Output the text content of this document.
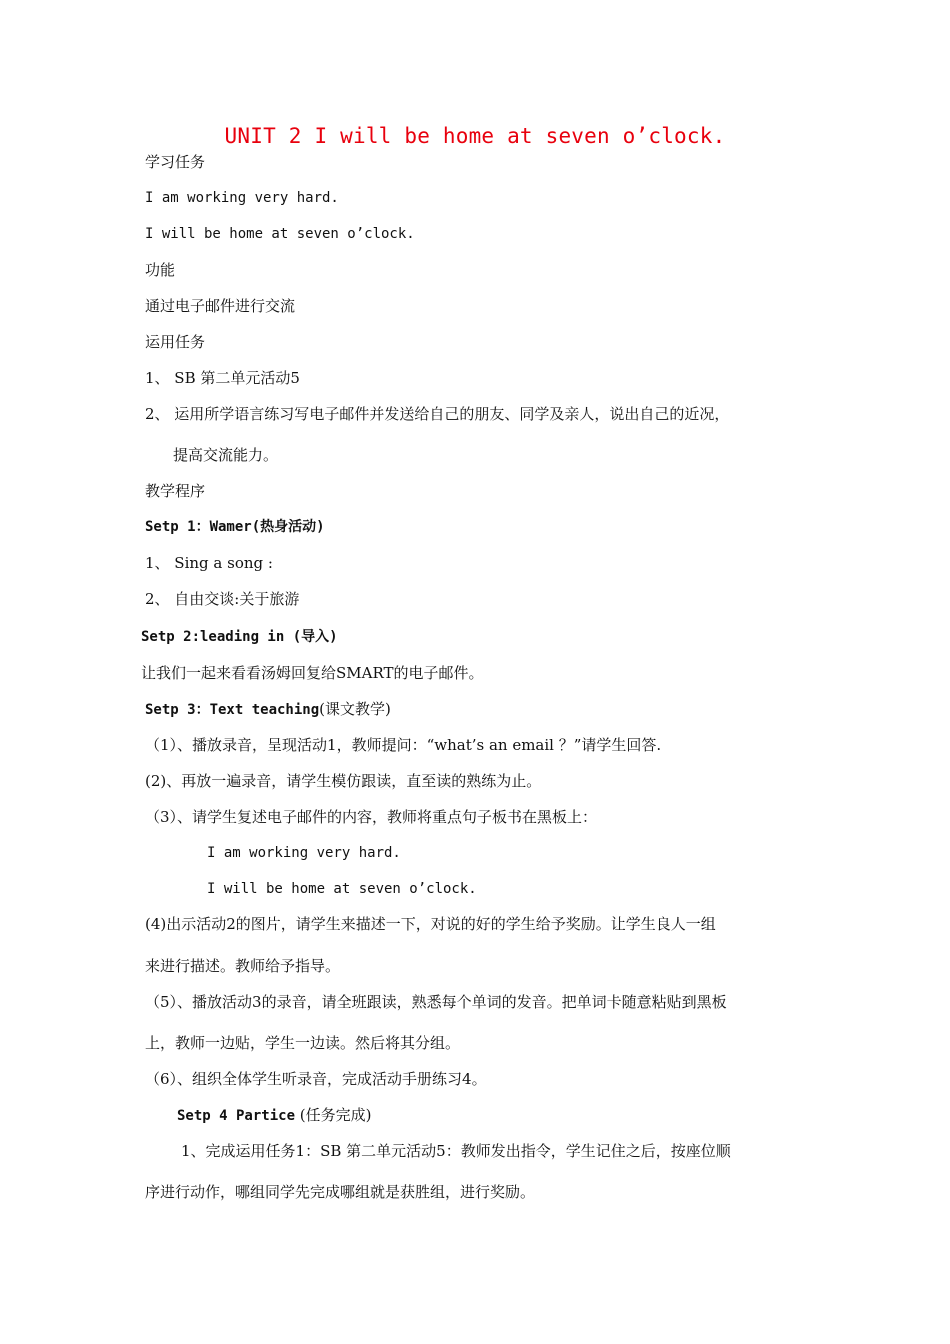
UNIT 2 I will be home at seven o’clock.
学习任务
I am working very hard.
I will be home at seven o’clock.
功能
通过电子邮件进行交流
运用任务
1、 SB 第二单元活动5
2、 运用所学语言练习写电子邮件并发送给自己的朋友、同学及亲人，说出自己的近况，
提高交流能力。
教学程序
Setp 1：Wamer(热身活动)
1、 Sing a song :
2、 自由交谈:关于旅游
Setp 2:leading in (导入)
让我们一起来看看汤姆回复给SMART的电子邮件。
Setp 3：Text teaching(课文教学)
（1）、播放录音，呈现活动1，教师提问：“what’s an email ？”请学生回答.
(2)、再放一遍录音，请学生模仿跟读，直至读的熟练为止。
（3）、请学生复述电子邮件的内容，教师将重点句子板书在黑板上：
I am working very hard.
I will be home at seven o’clock.
(4)出示活动2的图片，请学生来描述一下，对说的好的学生给予奖励。让学生良人一组
来进行描述。教师给予指导。
（5）、播放活动3的录音，请全班跟读，熟悉每个单词的发音。把单词卡随意粘贴到黑板
上，教师一边贴，学生一边读。然后将其分组。
（6）、组织全体学生听录音，完成活动手册练习4。
Setp 4 Partice (任务完成)
1、完成运用任务1：SB 第二单元活动5：教师发出指令，学生记住之后，按座位顺
序进行动作，哪组同学先完成哪组就是获胜组，进行奖励。
